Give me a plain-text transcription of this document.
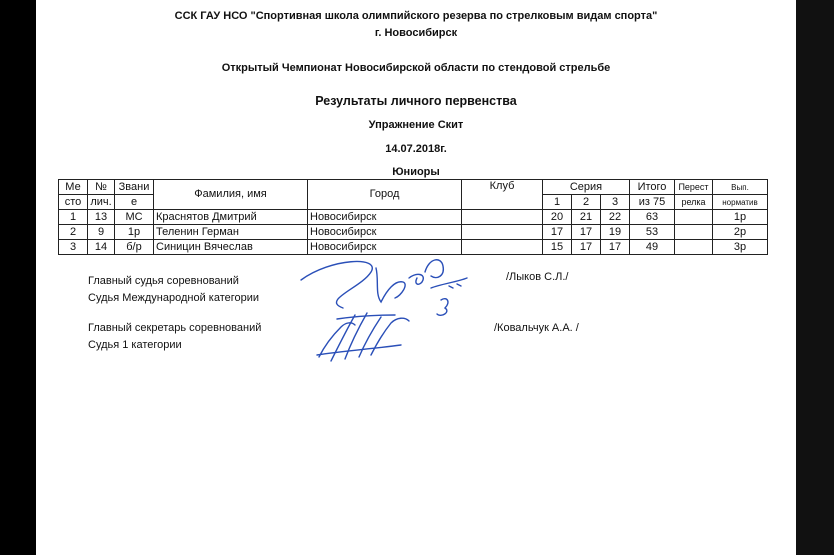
ССК ГАУ НСО "Спортивная школа олимпийского резерва по стрелковым видам спорта"
г. Новосибирск
Открытый Чемпионат Новосибирской области по стендовой стрельбе
Результаты личного первенства
Упражнение Скит
14.07.2018г.
Юниоры
Ме	№	Звани	Фамилия, имя	Город	Клуб	Серия			Итого	Перест	Вып.
сто	лич.	е				1	2	3	из 75	релка	норматив
1	13	МС	Краснятов Дмитрий	Новосибирск		20	21	22	63		1р
2	9	1р	Теленин Герман	Новосибирск		17	17	19	53		2р
3	14	б/р	Синицин Вячеслав	Новосибирск		15	17	17	49		3р
Главный судья соревнований
Судья Международной категории
/Лыков С.Л./
Главный секретарь соревнований
Судья 1 категории
/Ковальчук А.А. /
